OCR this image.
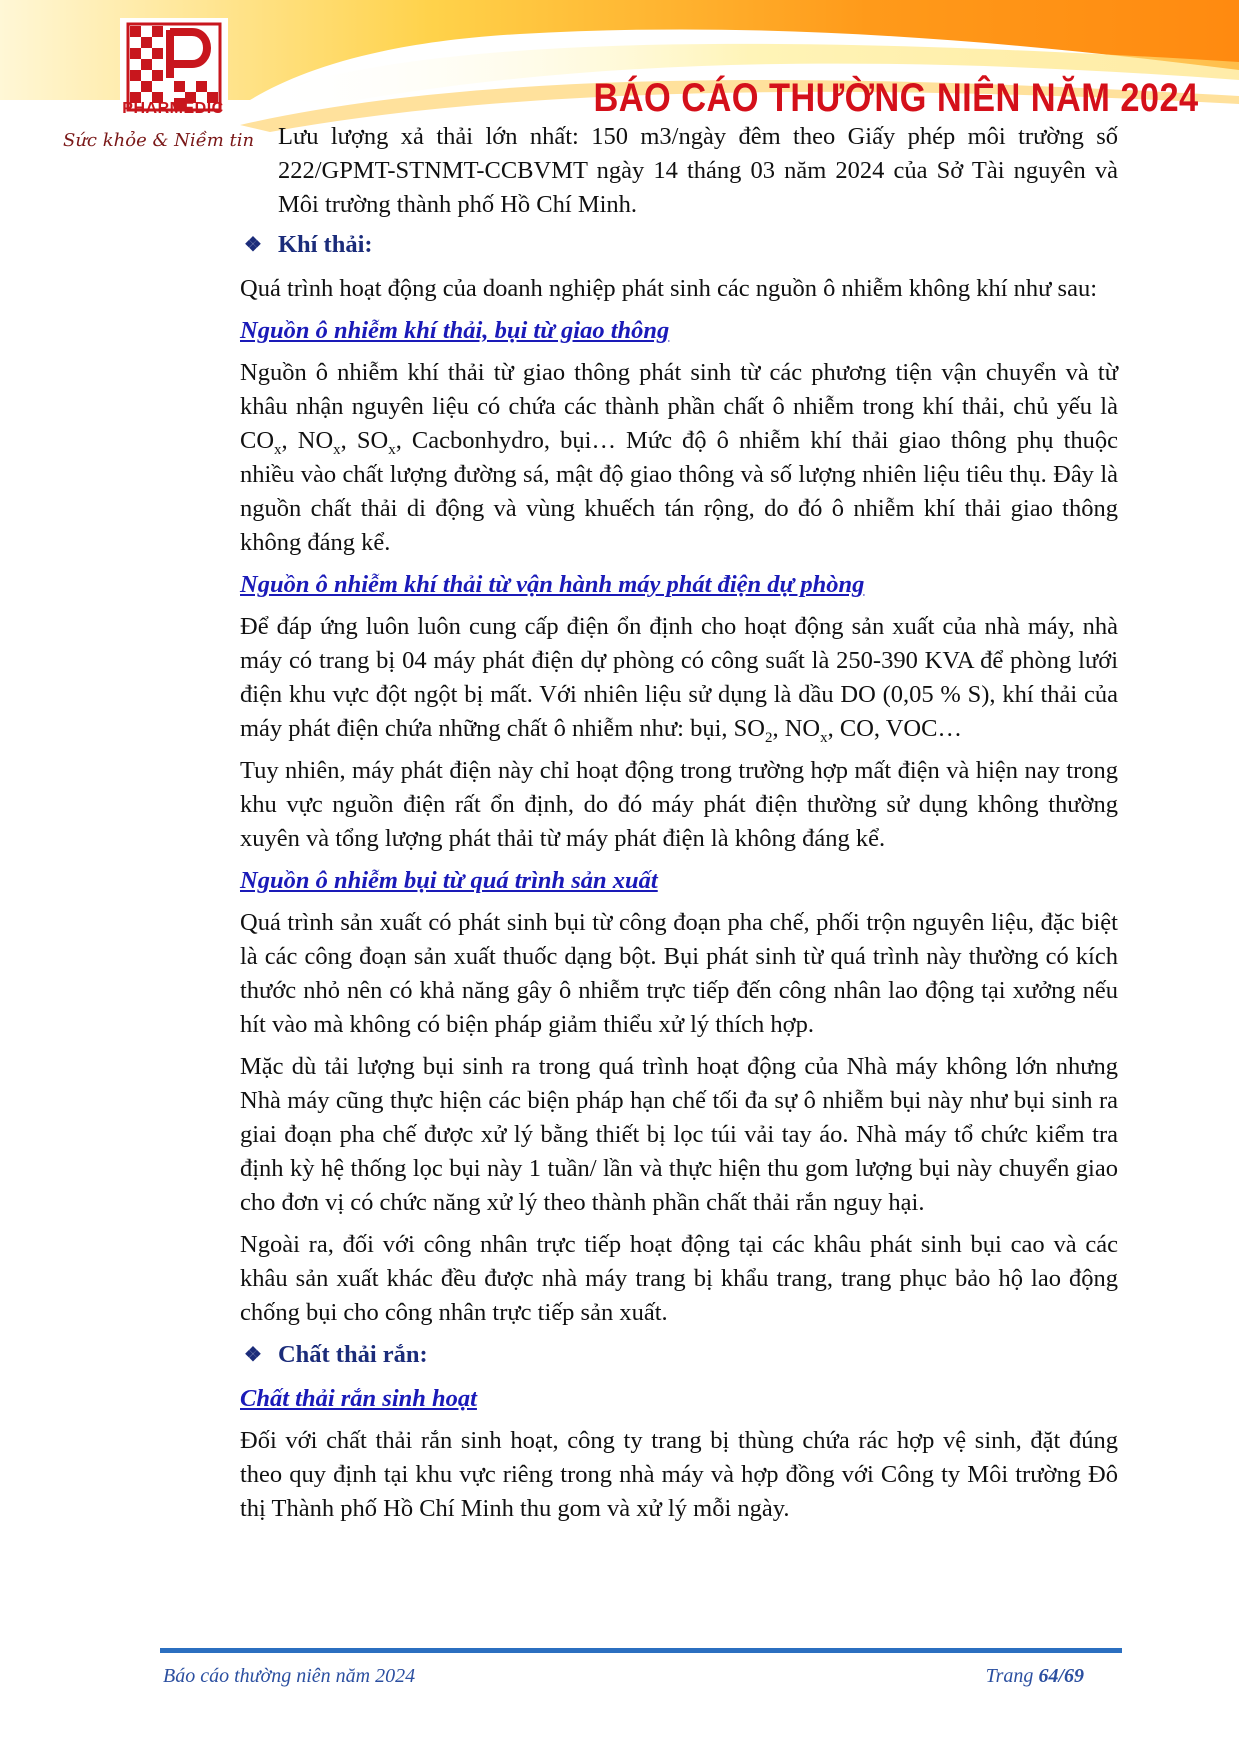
PHARMEDIC
Sức khỏe & Niềm tin
BÁO CÁO THƯỜNG NIÊN NĂM 2024

Lưu lượng xả thải lớn nhất: 150 m3/ngày đêm theo Giấy phép môi trường số 222/GPMT-STNMT-CCBVMT ngày 14 tháng 03 năm 2024 của Sở Tài nguyên và Môi trường thành phố Hồ Chí Minh.

❖ Khí thải:

Quá trình hoạt động của doanh nghiệp phát sinh các nguồn ô nhiễm không khí như sau:

Nguồn ô nhiễm khí thải, bụi từ giao thông

Nguồn ô nhiễm khí thải từ giao thông phát sinh từ các phương tiện vận chuyển và từ khâu nhận nguyên liệu có chứa các thành phần chất ô nhiễm trong khí thải, chủ yếu là $CO_x$, $NO_x$, $SO_x$, Cacbonhydro, bụi… Mức độ ô nhiễm khí thải giao thông phụ thuộc nhiều vào chất lượng đường sá, mật độ giao thông và số lượng nhiên liệu tiêu thụ. Đây là nguồn chất thải di động và vùng khuếch tán rộng, do đó ô nhiễm khí thải giao thông không đáng kể.

Nguồn ô nhiễm khí thải từ vận hành máy phát điện dự phòng

Để đáp ứng luôn luôn cung cấp điện ổn định cho hoạt động sản xuất của nhà máy, nhà máy có trang bị 04 máy phát điện dự phòng có công suất là 250-390 KVA để phòng lưới điện khu vực đột ngột bị mất. Với nhiên liệu sử dụng là dầu DO (0,05 % S), khí thải của máy phát điện chứa những chất ô nhiễm như: bụi, $SO_2$, $NO_x$, CO, VOC…

Tuy nhiên, máy phát điện này chỉ hoạt động trong trường hợp mất điện và hiện nay trong khu vực nguồn điện rất ổn định, do đó máy phát điện thường sử dụng không thường xuyên và tổng lượng phát thải từ máy phát điện là không đáng kể.

Nguồn ô nhiễm bụi từ quá trình sản xuất

Quá trình sản xuất có phát sinh bụi từ công đoạn pha chế, phối trộn nguyên liệu, đặc biệt là các công đoạn sản xuất thuốc dạng bột. Bụi phát sinh từ quá trình này thường có kích thước nhỏ nên có khả năng gây ô nhiễm trực tiếp đến công nhân lao động tại xưởng nếu hít vào mà không có biện pháp giảm thiểu xử lý thích hợp.

Mặc dù tải lượng bụi sinh ra trong quá trình hoạt động của Nhà máy không lớn nhưng Nhà máy cũng thực hiện các biện pháp hạn chế tối đa sự ô nhiễm bụi này như bụi sinh ra giai đoạn pha chế được xử lý bằng thiết bị lọc túi vải tay áo. Nhà máy tổ chức kiểm tra định kỳ hệ thống lọc bụi này 1 tuần/ lần và thực hiện thu gom lượng bụi này chuyển giao cho đơn vị có chức năng xử lý theo thành phần chất thải rắn nguy hại.

Ngoài ra, đối với công nhân trực tiếp hoạt động tại các khâu phát sinh bụi cao và các khâu sản xuất khác đều được nhà máy trang bị khẩu trang, trang phục bảo hộ lao động chống bụi cho công nhân trực tiếp sản xuất.

❖ Chất thải rắn:
Chất thải rắn sinh hoạt

Đối với chất thải rắn sinh hoạt, công ty trang bị thùng chứa rác hợp vệ sinh, đặt đúng theo quy định tại khu vực riêng trong nhà máy và hợp đồng với Công ty Môi trường Đô thị Thành phố Hồ Chí Minh thu gom và xử lý mỗi ngày.

Báo cáo thường niên năm 2024	Trang 64/69
